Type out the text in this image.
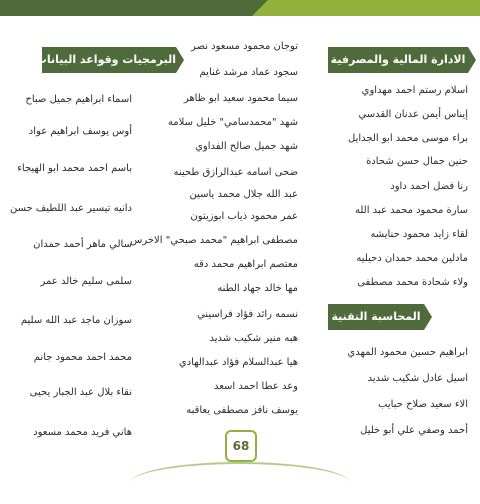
الادارة المالية والمصرفية
اسلام رستم احمد مهداوي
إيناس أيمن عدنان القدسي
براء موسى محمد ابو الجدايل
حنين جمال حسن شحادة
رنا فضل احمد داود
سارة محمود محمد عبد الله
لقاء زايد محمود حنايشه
مادلين محمد حمدان دحيليه
ولاء شحادة محمد مصطفى
المحاسبة التقنية
ابراهيم حسين محمود المهدي
اسيل عادل شكيب شديد
الاء سعيد صلاح حبايب
أحمد وصفي علي أبو خليل
توجان محمود مسعود نصر
سجود عماد مرشد غنايم
سيما محمود سعيد ابو ظاهر
شهد "محمدسامي" خليل سلامه
شهد جميل صالح الفداوي
ضحى اسامه عبدالرازق طحينه
عبد الله جلال محمد ياسين
عمر محمود ذياب ابوزيتون
مصطفى ابراهيم "محمد صبحي" الاخرس
معتصم ابراهيم محمد دقه
مها خالد جهاد الطنه
نسمه رائد فؤاد فراسيني
هبه منير شكيب شديد
هيا عبدالسلام فؤاد عبدالهادي
وعد عطا احمد اسعد
يوسف نافز مصطفى يعاقبه
البرمجيات وقواعد البيانات
اسماء ابراهيم جميل صباح
أوس يوسف ابراهيم عواد
باسم احمد محمد ابو الهيجاء
دانيه تيسير عبد اللطيف حسن
سالي ماهر أحمد حمدان
سلمى سليم خالد عمر
سوزان ماجد عبد الله سليم
محمد احمد محمود جانم
نقاء بلال عبد الجبار يحيى
هاني فريد محمد مسعود
68
